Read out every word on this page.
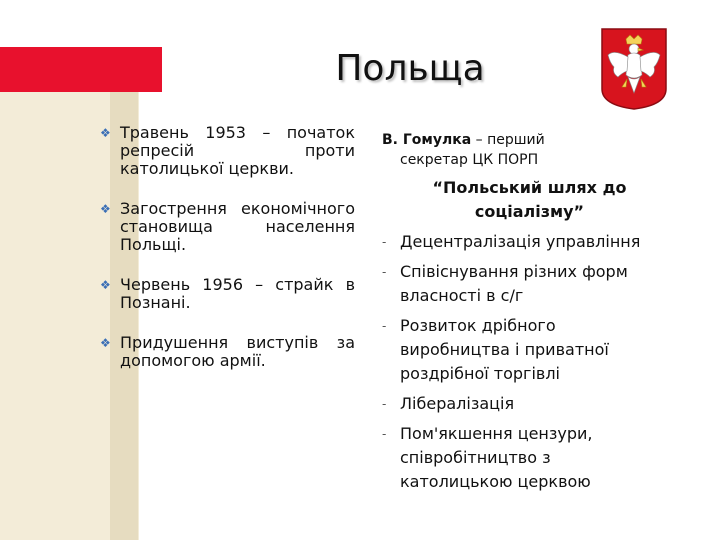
Польща
❖ Травень 1953 – початок репресій проти католицької церкви.
❖ Загострення економічного становища населення Польщі.
❖ Червень 1956 – страйк в Познані.
❖ Придушення виступів за допомогою армії.
В. Гомулка – перший
секретар ЦК ПОРП
“Польський шлях до соціалізму”
- Децентралізація управління
- Співіснування різних форм власності в с/г
- Розвиток дрібного виробництва і приватної роздрібної торгівлі
- Лібералізація
- Пом'якшення цензури, співробітництво з католицькою церквою
